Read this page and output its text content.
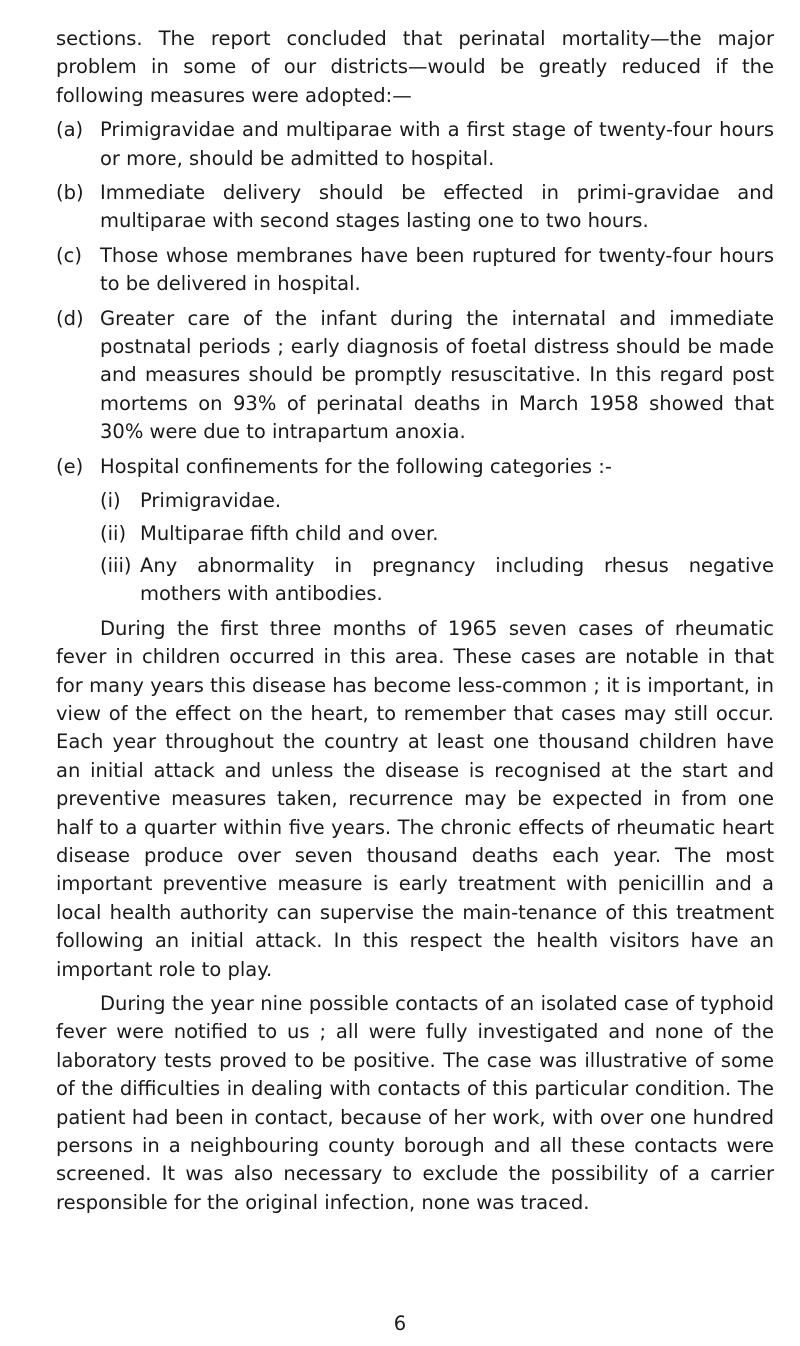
sections. The report concluded that perinatal mortality—the major problem in some of our districts—would be greatly reduced if the following measures were adopted:—

(a) Primigravidae and multiparae with a first stage of twenty-four hours or more, should be admitted to hospital.
(b) Immediate delivery should be effected in primi-gravidae and multiparae with second stages lasting one to two hours.
(c) Those whose membranes have been ruptured for twenty-four hours to be delivered in hospital.
(d) Greater care of the infant during the internatal and immediate postnatal periods ; early diagnosis of foetal distress should be made and measures should be promptly resuscitative. In this regard post mortems on 93% of perinatal deaths in March 1958 showed that 30% were due to intrapartum anoxia.
(e) Hospital confinements for the following categories :-
(i) Primigravidae.
(ii) Multiparae fifth child and over.
(iii) Any abnormality in pregnancy including rhesus negative mothers with antibodies.

During the first three months of 1965 seven cases of rheumatic fever in children occurred in this area. These cases are notable in that for many years this disease has become less-common ; it is important, in view of the effect on the heart, to remember that cases may still occur. Each year throughout the country at least one thousand children have an initial attack and unless the disease is recognised at the start and preventive measures taken, recurrence may be expected in from one half to a quarter within five years. The chronic effects of rheumatic heart disease produce over seven thousand deaths each year. The most important preventive measure is early treatment with penicillin and a local health authority can supervise the main-tenance of this treatment following an initial attack. In this respect the health visitors have an important role to play.

During the year nine possible contacts of an isolated case of typhoid fever were notified to us ; all were fully investigated and none of the laboratory tests proved to be positive. The case was illustrative of some of the difficulties in dealing with contacts of this particular condition. The patient had been in contact, because of her work, with over one hundred persons in a neighbouring county borough and all these contacts were screened. It was also necessary to exclude the possibility of a carrier responsible for the original infection, none was traced.

6
